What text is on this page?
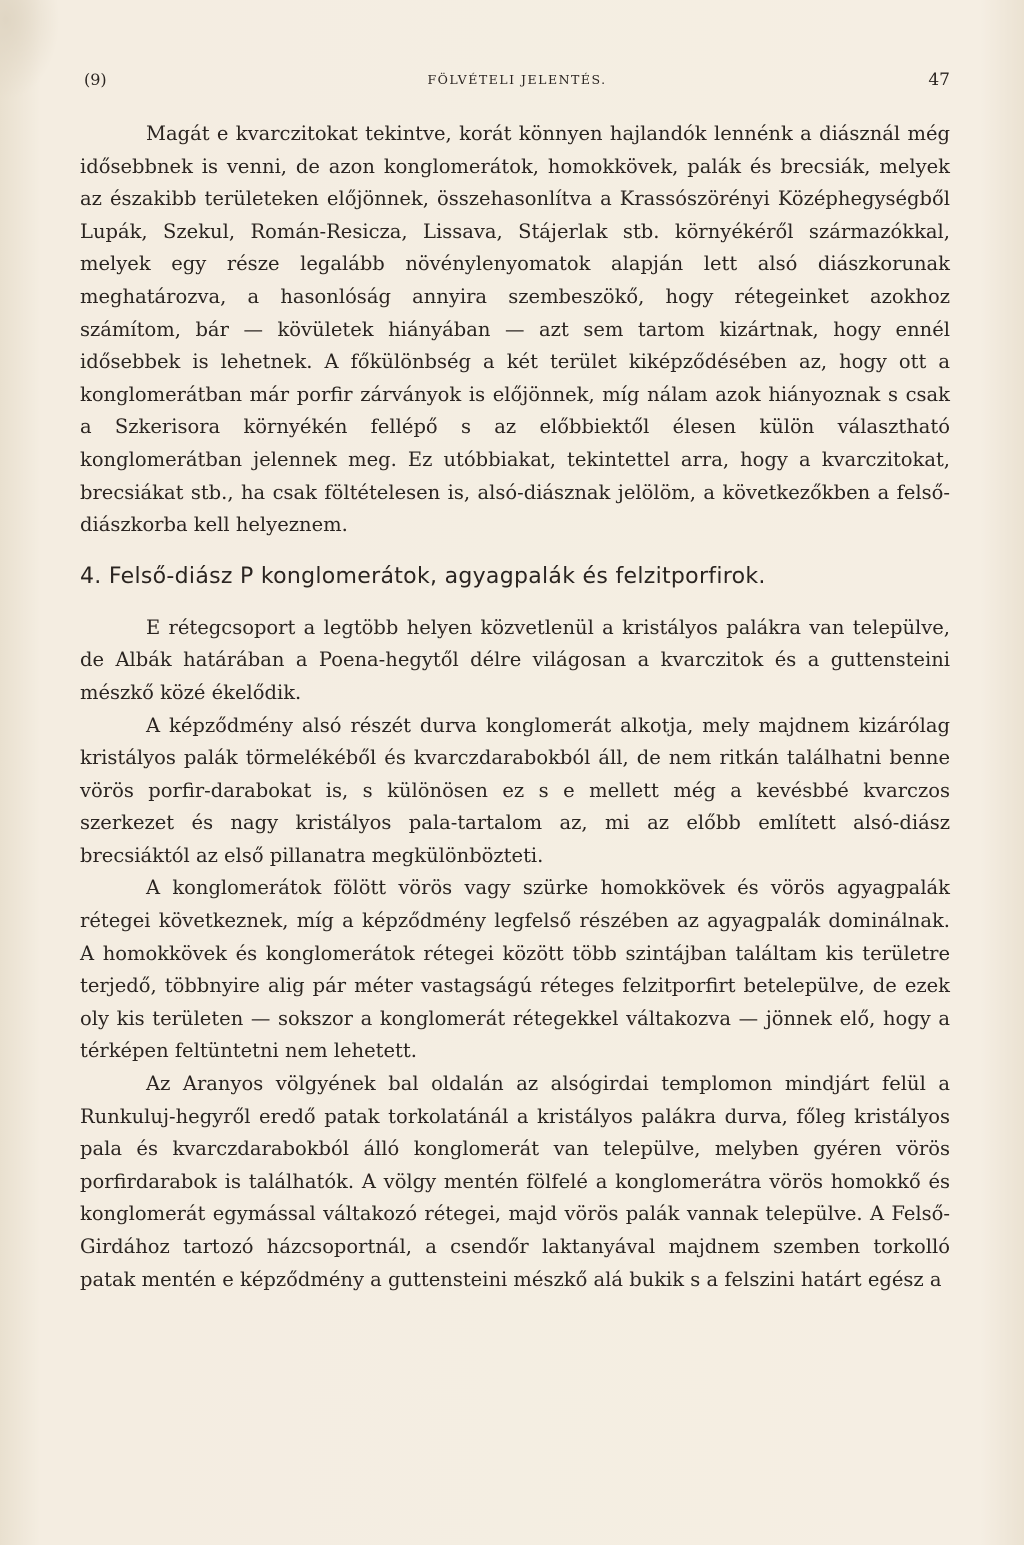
(9)	FÖLVÉTELI JELENTÉS.	47

Magát e kvarczitokat tekintve, korát könnyen hajlandók lennénk a diásznál még idősebbnek is venni, de azon konglomerátok, homokkövek, palák és brecsiák, melyek az északibb területeken előjönnek, összehasonlítva a Krassószörényi Középhegységből Lupák, Szekul, Román-Resicza, Lissava, Stájerlak stb. környékéről származókkal, melyek egy része legalább növénylenyomatok alapján lett alsó diászkorunak meghatározva, a hasonlóság annyira szembeszökő, hogy rétegeinket azokhoz számítom, bár — kövületek hiányában — azt sem tartom kizártnak, hogy ennél idősebbek is lehetnek. A főkülönbség a két terület kiképződésében az, hogy ott a konglomerátban már porfir zárványok is előjönnek, míg nálam azok hiányoznak s csak a Szkerisora környékén fellépő s az előbbiektől élesen külön választható konglomerátban jelennek meg. Ez utóbbiakat, tekintettel arra, hogy a kvarczitokat, brecsiákat stb., ha csak föltételesen is, alsó-diásznak jelölöm, a következőkben a felső-diászkorba kell helyeznem.

4. Felső-diász P konglomerátok, agyagpalák és felzitporfirok.

E rétegcsoport a legtöbb helyen közvetlenül a kristályos palákra van települve, de Albák határában a Poena-hegytől délre világosan a kvarczitok és a guttensteini mészkő közé ékelődik.

A képződmény alsó részét durva konglomerát alkotja, mely majdnem kizárólag kristályos palák törmelékéből és kvarczdarabokból áll, de nem ritkán találhatni benne vörös porfir-darabokat is, s különösen ez s e mellett még a kevésbbé kvarczos szerkezet és nagy kristályos pala-tartalom az, mi az előbb említett alsó-diász brecsiáktól az első pillanatra megkülönbözteti.

A konglomerátok fölött vörös vagy szürke homokkövek és vörös agyagpalák rétegei következnek, míg a képződmény legfelső részében az agyagpalák dominálnak. A homokkövek és konglomerátok rétegei között több szintájban találtam kis területre terjedő, többnyire alig pár méter vastagságú réteges felzitporfirt betelepülve, de ezek oly kis területen — sokszor a konglomerát rétegekkel váltakozva — jönnek elő, hogy a térképen feltüntetni nem lehetett.

Az Aranyos völgyének bal oldalán az alsógirdai templomon mindjárt felül a Runkuluj-hegyről eredő patak torkolatánál a kristályos palákra durva, főleg kristályos pala és kvarczdarabokból álló konglomerát van települve, melyben gyéren vörös porfirdarabok is találhatók. A völgy mentén fölfelé a konglomerátra vörös homokkő és konglomerát egymással váltakozó rétegei, majd vörös palák vannak települve. A Felső-Girdához tartozó házcsoportnál, a csendőr laktanyával majdnem szemben torkolló patak mentén e képződmény a guttensteini mészkő alá bukik s a felszini határt egész a
